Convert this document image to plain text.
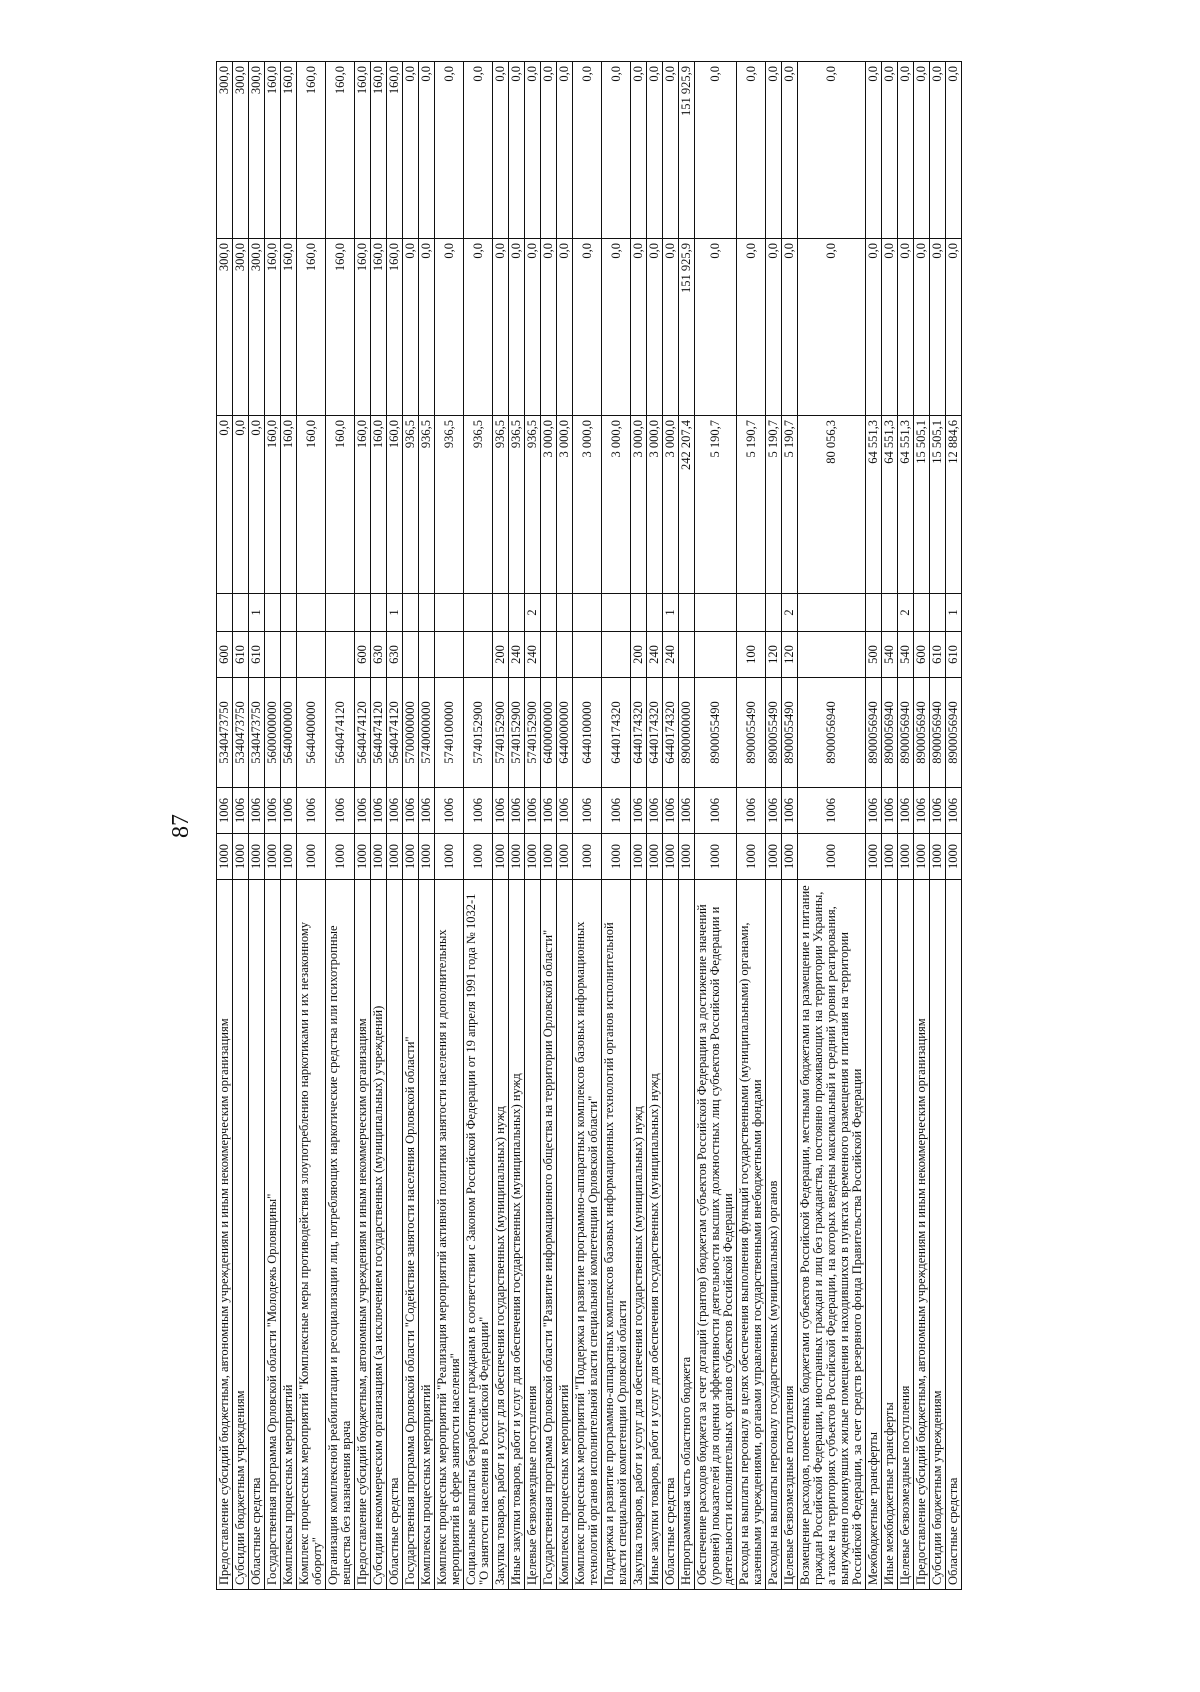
87
Предоставление субсидий бюджетным, автономным учреждениям и иным некоммерческим организациям	1000	1006	5340473750	600		0,0	300,0	300,0
Субсидии бюджетным учреждениям	1000	1006	5340473750	610		0,0	300,0	300,0
Областные средства	1000	1006	5340473750	610	1	0,0	300,0	300,0
Государственная программа Орловской области "Молодежь Орловщины"	1000	1006	5600000000			160,0	160,0	160,0
Комплексы процессных мероприятий	1000	1006	5640000000			160,0	160,0	160,0
Комплекс процессных мероприятий "Комплексные меры противодействия злоупотреблению наркотиками и их незаконному обороту"	1000	1006	5640400000			160,0	160,0	160,0
Организация комплексной реабилитации и ресоциализации лиц, потребляющих наркотические средства или психотропные вещества без назначения врача	1000	1006	5640474120			160,0	160,0	160,0
Предоставление субсидий бюджетным, автономным учреждениям и иным некоммерческим организациям	1000	1006	5640474120	600		160,0	160,0	160,0
Субсидии некоммерческим организациям (за исключением государственных (муниципальных) учреждений)	1000	1006	5640474120	630		160,0	160,0	160,0
Областные средства	1000	1006	5640474120	630	1	160,0	160,0	160,0
Государственная программа Орловской области "Содействие занятости населения Орловской области"	1000	1006	5700000000			936,5	0,0	0,0
Комплексы процессных мероприятий	1000	1006	5740000000			936,5	0,0	0,0
Комплекс процессных мероприятий "Реализация мероприятий активной политики занятости населения и дополнительных мероприятий в сфере занятости населения"	1000	1006	5740100000			936,5	0,0	0,0
Социальные выплаты безработным гражданам в соответствии с Законом Российской Федерации от 19 апреля 1991 года № 1032-1 "О занятости населения в Российской Федерации"	1000	1006	5740152900			936,5	0,0	0,0
Закупка товаров, работ и услуг для обеспечения государственных (муниципальных) нужд	1000	1006	5740152900	200		936,5	0,0	0,0
Иные закупки товаров, работ и услуг для обеспечения государственных (муниципальных) нужд	1000	1006	5740152900	240		936,5	0,0	0,0
Целевые безвозмездные поступления	1000	1006	5740152900	240	2	936,5	0,0	0,0
Государственная программа Орловской области "Развитие информационного общества на территории Орловской области"	1000	1006	6400000000			3 000,0	0,0	0,0
Комплексы процессных мероприятий	1000	1006	6440000000			3 000,0	0,0	0,0
Комплекс процессных мероприятий "Поддержка и развитие программно-аппаратных комплексов базовых информационных технологий органов исполнительной власти специальной компетенции Орловской области"	1000	1006	6440100000			3 000,0	0,0	0,0
Поддержка и развитие программно-аппаратных комплексов базовых информационных технологий органов исполнительной власти специальной компетенции Орловской области	1000	1006	6440174320			3 000,0	0,0	0,0
Закупка товаров, работ и услуг для обеспечения государственных (муниципальных) нужд	1000	1006	6440174320	200		3 000,0	0,0	0,0
Иные закупки товаров, работ и услуг для обеспечения государственных (муниципальных) нужд	1000	1006	6440174320	240		3 000,0	0,0	0,0
Областные средства	1000	1006	6440174320	240	1	3 000,0	0,0	0,0
Непрограммная часть областного бюджета	1000	1006	8900000000			242 207,4	151 925,9	151 925,9
Обеспечение расходов бюджета за счет дотаций (грантов) бюджетам субъектов Российской Федерации за достижение значений (уровней) показателей для оценки эффективности деятельности высших должностных лиц субъектов Российской Федерации и деятельности исполнительных органов субъектов Российской Федерации	1000	1006	8900055490			5 190,7	0,0	0,0
Расходы на выплаты персоналу в целях обеспечения выполнения функций государственными (муниципальными) органами, казенными учреждениями, органами управления государственными внебюджетными фондами	1000	1006	8900055490	100		5 190,7	0,0	0,0
Расходы на выплаты персоналу государственных (муниципальных) органов	1000	1006	8900055490	120		5 190,7	0,0	0,0
Целевые безвозмездные поступления	1000	1006	8900055490	120	2	5 190,7	0,0	0,0
Возмещение расходов, понесенных бюджетами субъектов Российской Федерации, местными бюджетами на размещение и питание граждан Российской Федерации, иностранных граждан и лиц без гражданства, постоянно проживающих на территории Украины, а также на территориях субъектов Российской Федерации, на которых введены максимальный и средний уровни реагирования, вынужденно покинувших жилые помещения и находившихся в пунктах временного размещения и питания на территории Российской Федерации, за счет средств резервного фонда Правительства Российской Федерации	1000	1006	8900056940			80 056,3	0,0	0,0
Межбюджетные трансферты	1000	1006	8900056940	500		64 551,3	0,0	0,0
Иные межбюджетные трансферты	1000	1006	8900056940	540		64 551,3	0,0	0,0
Целевые безвозмездные поступления	1000	1006	8900056940	540	2	64 551,3	0,0	0,0
Предоставление субсидий бюджетным, автономным учреждениям и иным некоммерческим организациям	1000	1006	8900056940	600		15 505,1	0,0	0,0
Субсидии бюджетным учреждениям	1000	1006	8900056940	610		15 505,1	0,0	0,0
Областные средства	1000	1006	8900056940	610	1	12 884,6	0,0	0,0
